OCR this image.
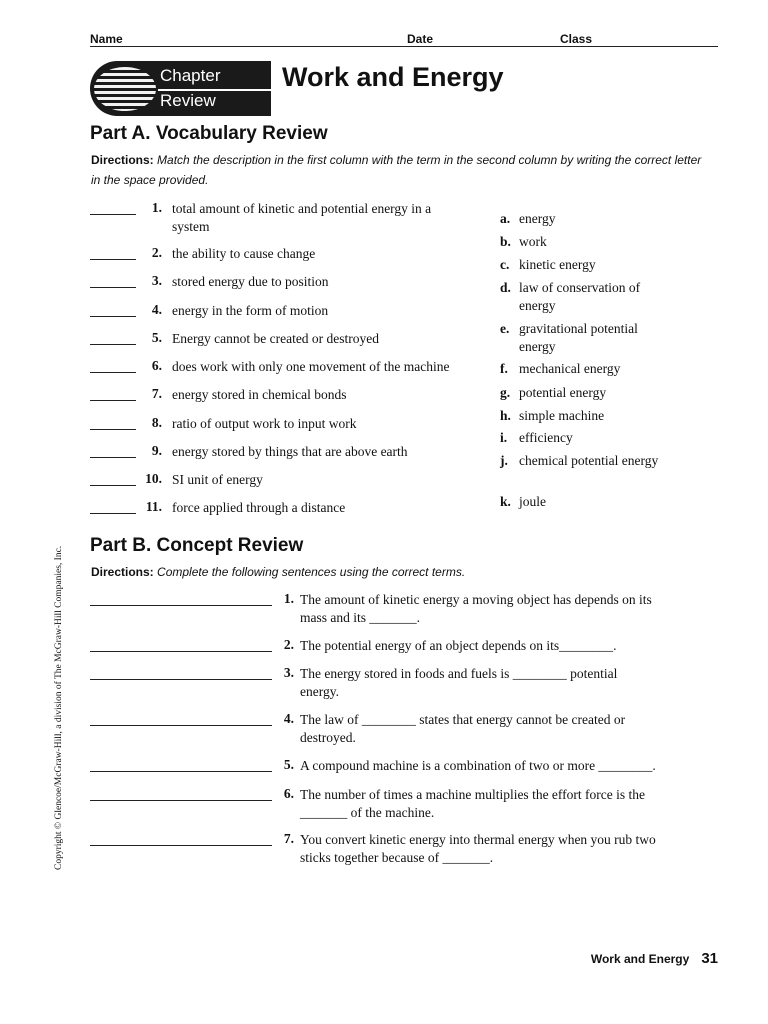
Name	Date	Class
Chapter
Review
Work and Energy
Part A. Vocabulary Review
Directions: Match the description in the first column with the term in the second column by writing the correct letter in the space provided.
1. total amount of kinetic and potential energy in a system
2. the ability to cause change
3. stored energy due to position
4. energy in the form of motion
5. Energy cannot be created or destroyed
6. does work with only one movement of the machine
7. energy stored in chemical bonds
8. ratio of output work to input work
9. energy stored by things that are above earth
10. SI unit of energy
11. force applied through a distance
a. energy
b. work
c. kinetic energy
d. law of conservation of energy
e. gravitational potential energy
f. mechanical energy
g. potential energy
h. simple machine
i. efficiency
j. chemical potential energy
k. joule
Part B. Concept Review
Directions: Complete the following sentences using the correct terms.
1. The amount of kinetic energy a moving object has depends on its mass and its _______.
2. The potential energy of an object depends on its________.
3. The energy stored in foods and fuels is ________ potential energy.
4. The law of ________ states that energy cannot be created or destroyed.
5. A compound machine is a combination of two or more ________.
6. The number of times a machine multiplies the effort force is the _______ of the machine.
7. You convert kinetic energy into thermal energy when you rub two sticks together because of _______.
Copyright © Glencoe/McGraw-Hill, a division of The McGraw-Hill Companies, Inc.
Work and Energy 31
